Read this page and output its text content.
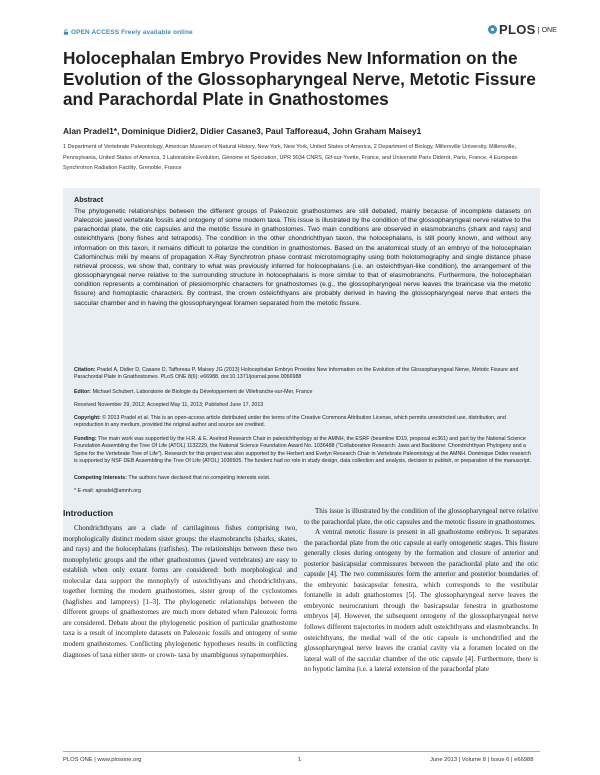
OPEN ACCESS Freely available online	PLOS ONE
Holocephalan Embryo Provides New Information on the Evolution of the Glossopharyngeal Nerve, Metotic Fissure and Parachordal Plate in Gnathostomes
Alan Pradel1*, Dominique Didier2, Didier Casane3, Paul Tafforeau4, John Graham Maisey1
1 Department of Vertebrate Paleontology, American Museum of Natural History, New York, New York, United States of America, 2 Department of Biology, Millersville University, Millersville, Pennsylvania, United States of America, 3 Laboratoire Evolution, Génome et Spéciation, UPR 9034 CNRS, Gif-sur-Yvette, France, and Université Paris Diderot, Paris, France, 4 European Synchrotron Radiation Facility, Grenoble, France
Abstract

The phylogenetic relationships between the different groups of Paleozoic gnathostomes are still debated, mainly because of incomplete datasets on Paleozoic jawed vertebrate fossils and ontogeny of some modern taxa. This issue is illustrated by the condition of the glossopharyngeal nerve relative to the parachordal plate, the otic capsules and the metotic fissure in gnathostomes. Two main conditions are observed in elasmobranchs (shark and rays) and osteichthyans (bony fishes and tetrapods). The condition in the other chondrichthyan taxon, the holocephalans, is still poorly known, and without any information on this taxon, it remains difficult to polarize the condition in gnathostomes. Based on the anatomical study of an embryo of the holocephalan Callorhinchus milii by means of propagation X-Ray Synchrotron phase contrast microtomography using both holotomography and single distance phase retrieval process, we show that, contrary to what was previously inferred for holocephalans (i.e. an osteichthyan-like condition), the arrangement of the glossopharyngeal nerve relative to the surrounding structure in holocephalans is more similar to that of elasmobranchs. Furthermore, the holocephalan condition represents a combination of plesiomorphic characters for gnathostomes (e.g., the glossopharyngeal nerve leaves the braincase via the metotic fissure) and homoplastic characters. By contrast, the crown osteichthyans are probably derived in having the glossopharyngeal nerve that enters the saccular chamber and in having the glossopharyngeal foramen separated from the metotic fissure.

Citation: Pradel A, Didier D, Casane D, Tafforeau P, Maisey JG (2013) Holocephalan Embryo Provides New Information on the Evolution of the Glossopharyngeal Nerve, Metotic Fissure and Parachordal Plate in Gnathostomes. PLoS ONE 8(6): e66988. doi:10.1371/journal.pone.0066988
Editor: Michael Schubert, Laboratoire de Biologie du Développement de Villefranche-sur-Mer, France
Received November 29, 2012; Accepted May 11, 2013; Published June 17, 2013
Copyright: © 2013 Pradel et al. This is an open-access article distributed under the terms of the Creative Commons Attribution License, which permits unrestricted use, distribution, and reproduction in any medium, provided the original author and source are credited.
Funding: The main work was supported by the H.R. & E. Axelrod Research Chair in paleoichthyology at the AMNH, the ESRF (beamline ID19, proposal ec361) and part by the National Science Foundation Assembling the Tree Of Life (ATOL) 1132229, the National Science Foundation Award No. 1036488 ("Collaborative Research: Jaws and Backbone: Chondrichthyan Phylogeny and a Spine for the Vertebrate Tree of Life"). Research for this project was also supported by the Herbert and Evelyn Research Chair in Vertebrate Paleontology at the AMNH. Dominique Didier research is supported by NSF DEB Assembling the Tree Of Life (ATOL) 1036505. The funders had no role in study design, data collection and analysis, decision to publish, or preparation of the manuscript.
Competing Interests: The authors have declared that no competing interests exist.
* E-mail: apradel@amnh.org
Introduction

Chondrichthyans are a clade of cartilaginous fishes comprising two, morphologically distinct modern sister groups: the elasmobranchs (sharks, skates, and rays) and the holocephalans (ratfishes). The relationships between these two monophyletic groups and the other gnathostomes (jawed vertebrates) are easy to establish when only extant forms are considered: both morphological and molecular data support the monophyly of osteichthyans and chondrichthyans, together forming the modern gnathostomes, sister group of the cyclostomes (hagfishes and lampreys) [1–3]. The phylogenetic relationships between the different groups of gnathostomes are much more debated when Paleozoic forms are considered. Debate about the phylogenetic position of particular gnathostome taxa is a result of incomplete datasets on Paleozoic fossils and ontogeny of some modern gnathostomes. Conflicting phylogenetic hypotheses results in conflicting diagnoses of taxa either stem- or crown- taxa by unambiguous synapomorphies.

This issue is illustrated by the condition of the glossopharyngeal nerve relative to the parachordal plate, the otic capsules and the metotic fissure in gnathostomes.

A ventral metotic fissure is present in all gnathostome embryos. It separates the parachordal plate from the otic capsule at early ontogenetic stages. This fissure generally closes during ontogeny by the formation and closure of anterior and posterior basicapsular commissures between the parachordal plate and the otic capsule [4]. The two commissures form the anterior and posterior boundaries of the embryonic basicapsular fenestra, which corresponds to the vestibular fontanelle in adult gnathostomes [5]. The glossopharyngeal nerve leaves the embryonic neurocranium through the basicapsular fenestra in gnathostome embryos [4]. However, the subsequent ontogeny of the glossopharyngeal nerve follows different trajectories in modern adult osteichthyans and elasmobranchs. In osteichthyans, the medial wall of the otic capsule is unchondrified and the glossopharyngeal nerve leaves the cranial cavity via a foramen located on the lateral wall of the saccular chamber of the otic capsule [4]. Furthermore, there is no hypotic lamina (i.e. a lateral extension of the parachordal plate

PLOS ONE | www.plosone.org	1	June 2013 | Volume 8 | Issue 6 | e66988
